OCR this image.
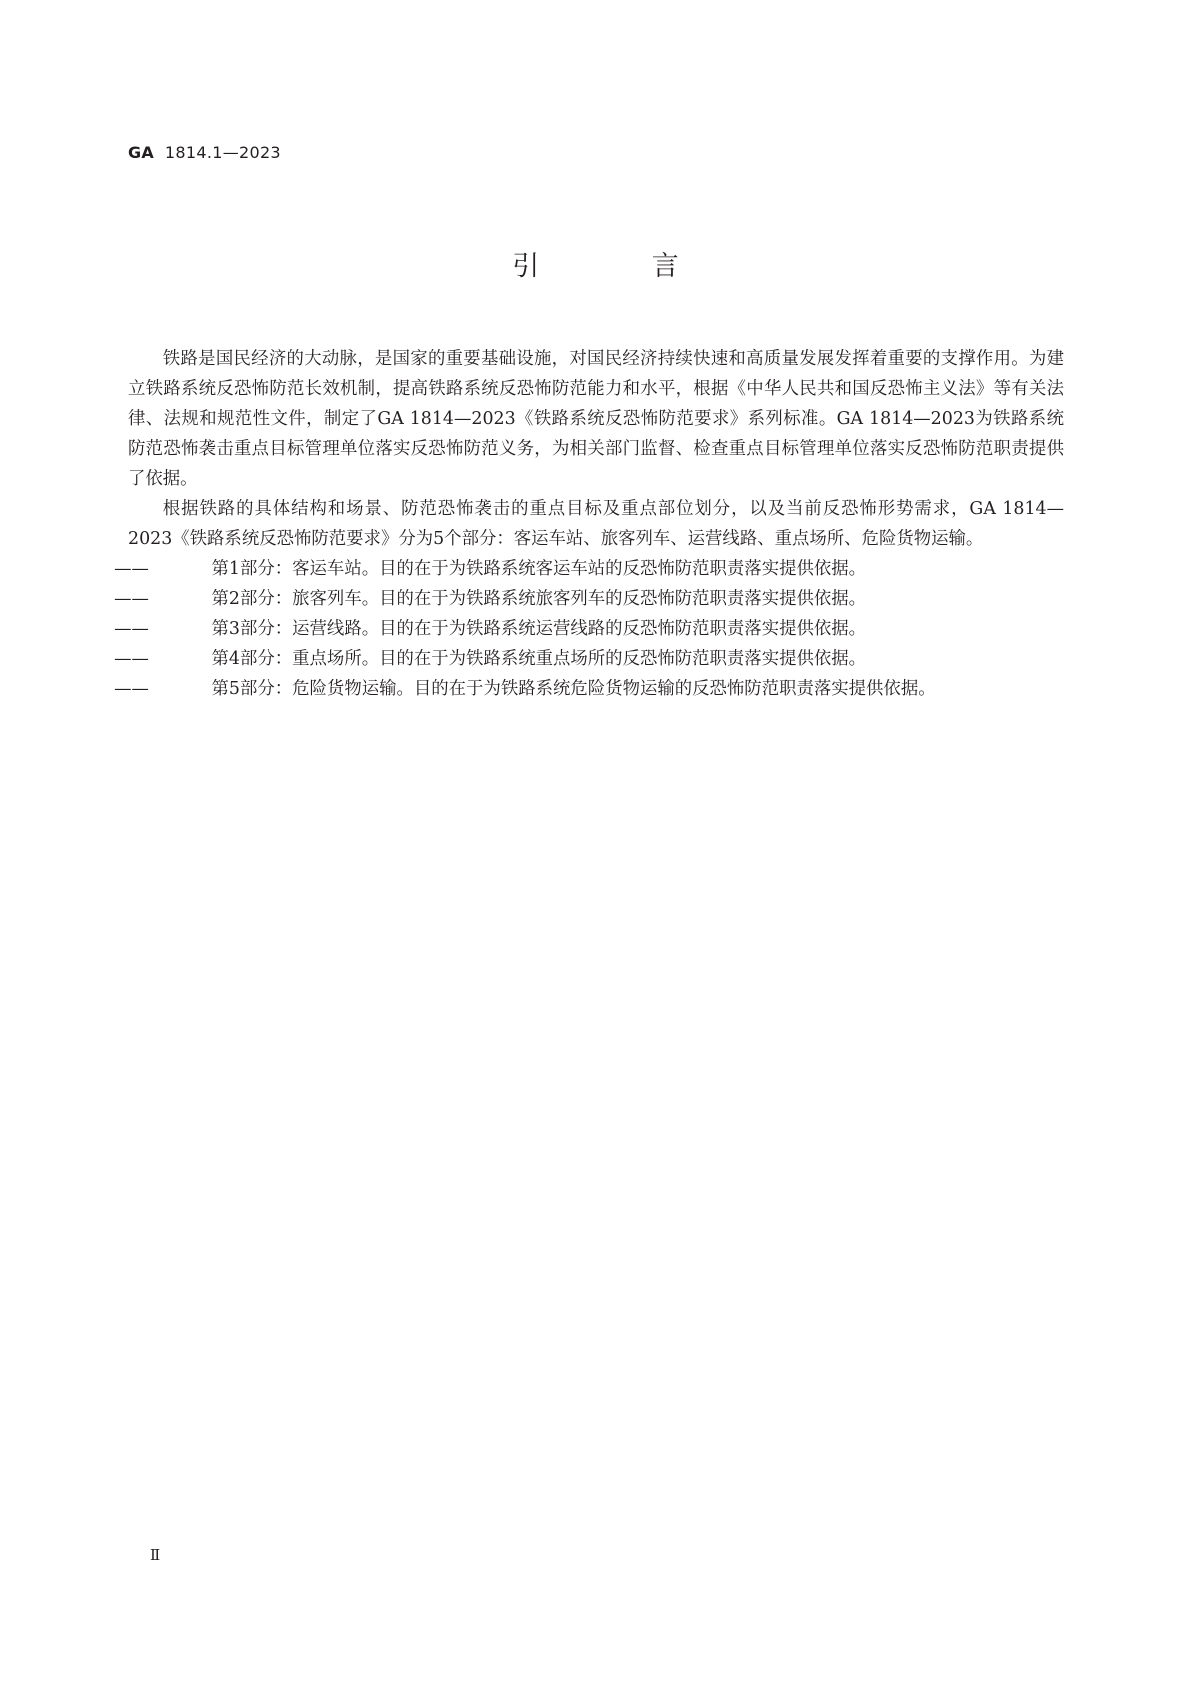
GA 1814.1—2023
引 言

铁路是国民经济的大动脉，是国家的重要基础设施，对国民经济持续快速和高质量发展发挥着重要的支撑作用。为建立铁路系统反恐怖防范长效机制，提高铁路系统反恐怖防范能力和水平，根据《中华人民共和国反恐怖主义法》等有关法律、法规和规范性文件，制定了GA 1814—2023《铁路系统反恐怖防范要求》系列标准。GA 1814—2023为铁路系统防范恐怖袭击重点目标管理单位落实反恐怖防范义务，为相关部门监督、检查重点目标管理单位落实反恐怖防范职责提供了依据。

根据铁路的具体结构和场景、防范恐怖袭击的重点目标及重点部位划分，以及当前反恐怖形势需求，GA 1814—2023《铁路系统反恐怖防范要求》分为5个部分：客运车站、旅客列车、运营线路、重点场所、危险货物运输。

——	第1部分：客运车站。目的在于为铁路系统客运车站的反恐怖防范职责落实提供依据。

——	第2部分：旅客列车。目的在于为铁路系统旅客列车的反恐怖防范职责落实提供依据。

——	第3部分：运营线路。目的在于为铁路系统运营线路的反恐怖防范职责落实提供依据。

——	第4部分：重点场所。目的在于为铁路系统重点场所的反恐怖防范职责落实提供依据。

——	第5部分：危险货物运输。目的在于为铁路系统危险货物运输的反恐怖防范职责落实提供依据。

Ⅱ
